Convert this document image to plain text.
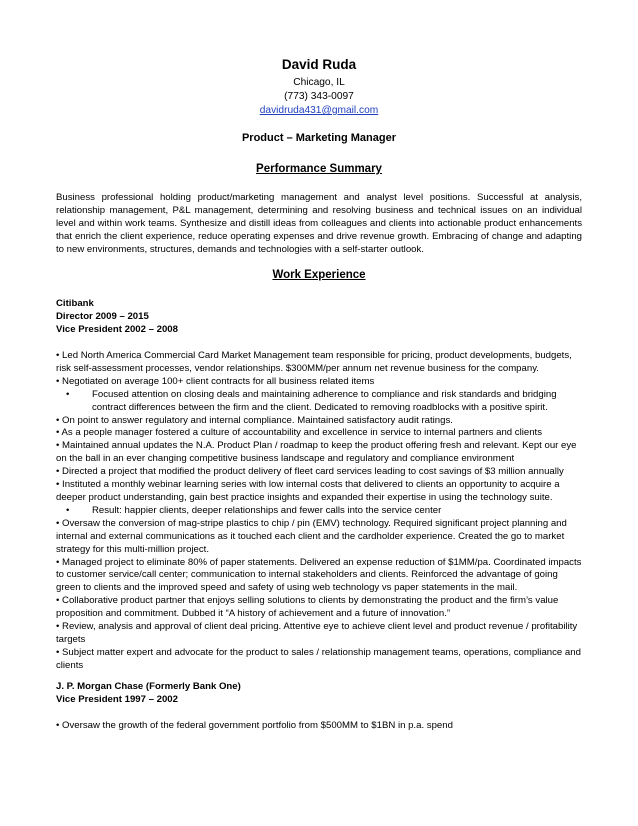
David Ruda
Chicago, IL
(773) 343-0097
davidruda431@gmail.com
Product – Marketing Manager
Performance Summary
Business professional holding product/marketing management and analyst level positions. Successful at analysis, relationship management, P&L management, determining and resolving business and technical issues on an individual level and within work teams. Synthesize and distill ideas from colleagues and clients into actionable product enhancements that enrich the client experience, reduce operating expenses and drive revenue growth. Embracing of change and adapting to new environments, structures, demands and technologies with a self-starter outlook.
Work Experience
Citibank
Director 2009 – 2015
Vice President 2002 – 2008
• Led North America Commercial Card Market Management team responsible for pricing, product developments, budgets, risk self-assessment processes, vendor relationships. $300MM/per annum net revenue business for the company.
• Negotiated on average 100+ client contracts for all business related items
• Focused attention on closing deals and maintaining adherence to compliance and risk standards and bridging contract differences between the firm and the client. Dedicated to removing roadblocks with a positive spirit.
• On point to answer regulatory and internal compliance. Maintained satisfactory audit ratings.
• As a people manager fostered a culture of accountability and excellence in service to internal partners and clients
• Maintained annual updates the N.A. Product Plan / roadmap to keep the product offering fresh and relevant. Kept our eye on the ball in an ever changing competitive business landscape and regulatory and compliance environment
• Directed a project that modified the product delivery of fleet card services leading to cost savings of $3 million annually
• Instituted a monthly webinar learning series with low internal costs that delivered to clients an opportunity to acquire a deeper product understanding, gain best practice insights and expanded their expertise in using the technology suite.
• Result: happier clients, deeper relationships and fewer calls into the service center
• Oversaw the conversion of mag-stripe plastics to chip / pin (EMV) technology. Required significant project planning and internal and external communications as it touched each client and the cardholder experience. Created the go to market strategy for this multi-million project.
• Managed project to eliminate 80% of paper statements. Delivered an expense reduction of $1MM/pa. Coordinated impacts to customer service/call center; communication to internal stakeholders and clients. Reinforced the advantage of going green to clients and the improved speed and safety of using web technology vs paper statements in the mail.
• Collaborative product partner that enjoys selling solutions to clients by demonstrating the product and the firm’s value proposition and commitment. Dubbed it “A history of achievement and a future of innovation.”
• Review, analysis and approval of client deal pricing. Attentive eye to achieve client level and product revenue / profitability targets
• Subject matter expert and advocate for the product to sales / relationship management teams, operations, compliance and clients
J. P. Morgan Chase (Formerly Bank One)
Vice President 1997 – 2002
• Oversaw the growth of the federal government portfolio from $500MM to $1BN in p.a. spend
